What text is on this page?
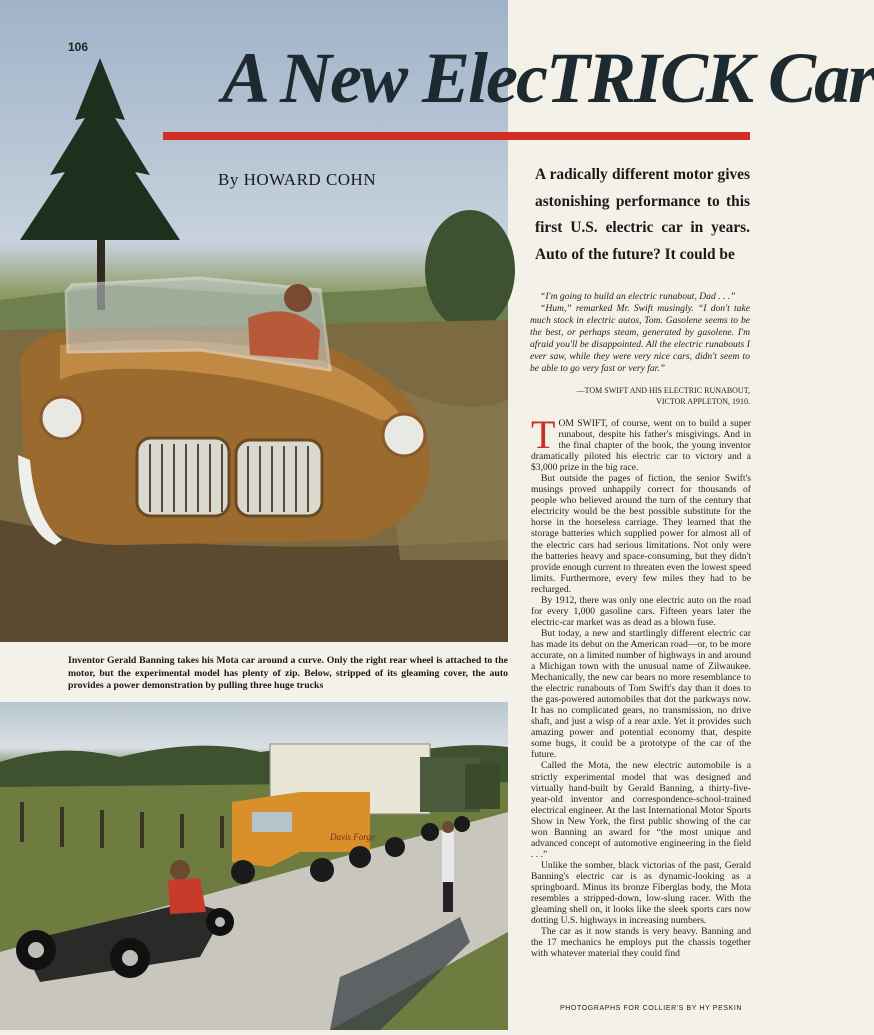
106 A New ElecTRICK Car
By HOWARD COHN	A radically different motor gives astonishing performance to this first U.S. electric car in years. Auto of the future? It could be

“I'm going to build an electric runabout, Dad . . .”

“Hum,” remarked Mr. Swift musingly. “I don't take much stock in electric autos, Tom. Gasolene seems to be the best, or perhaps steam, generated by gasolene. I'm afraid you'll be disappointed. All the electric runabouts I ever saw, while they were very nice cars, didn't seem to be able to go very fast or very far.”

—TOM SWIFT AND HIS ELECTRIC RUNABOUT,
VICTOR APPLETON, 1910.

TOM SWIFT, of course, went on to build a super runabout, despite his father's misgivings. And in the final chapter of the book, the young inventor dramatically piloted his electric car to victory and a $3,000 prize in the big race.

But outside the pages of fiction, the senior Swift's musings proved unhappily correct for thousands of people who believed around the turn of the century that electricity would be the best possible substitute for the horse in the horseless carriage. They learned that the storage batteries which supplied power for almost all of the electric cars had serious limitations. Not only were the batteries heavy and space-consuming, but they didn't provide enough current to threaten even the lowest speed limits. Furthermore, every few miles they had to be recharged.

By 1912, there was only one electric auto on the road for every 1,000 gasoline cars. Fifteen years later the electric-car market was as dead as a blown fuse.

But today, a new and startlingly different electric car has made its debut on the American road—or, to be more accurate, on a limited number of highways in and around a Michigan town with the unusual name of Zilwaukee. Mechanically, the new car bears no more resemblance to the electric runabouts of Tom Swift's day than it does to the gas-powered automobiles that dot the parkways now. It has no complicated gears, no transmission, no drive shaft, and just a wisp of a rear axle. Yet it provides such amazing power and potential economy that, despite some bugs, it could be a prototype of the car of the future.

Called the Mota, the new electric automobile is a strictly experimental model that was designed and virtually hand-built by Gerald Banning, a thirty-five-year-old inventor and correspondence-school-trained electrical engineer. At the last International Motor Sports Show in New York, the first public showing of the car won Banning an award for “the most unique and advanced concept of automotive engineering in the field . . .”

Unlike the somber, black victorias of the past, Gerald Banning's electric car is as dynamic-looking as a springboard. Minus its bronze Fiberglas body, the Mota resembles a stripped-down, low-slung racer. With the gleaming shell on, it looks like the sleek sports cars now dotting U.S. highways in increasing numbers.

The car as it now stands is very heavy. Banning and the 17 mechanics he employs put the chassis together with whatever material they could find

Inventor Gerald Banning takes his Mota car around a curve. Only the right rear wheel is attached to the motor, but the experimental model has plenty of zip. Below, stripped of its gleaming cover, the auto provides a power demonstration by pulling three huge trucks
Davis Forge
PHOTOGRAPHS FOR COLLIER'S BY HY PESKIN
